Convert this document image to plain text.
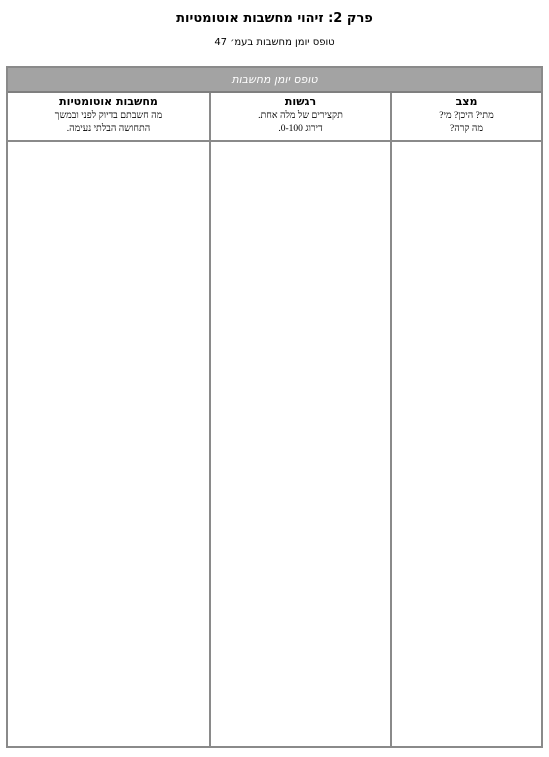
פרק 2: זיהוי מחשבות אוטומטיות
טופס יומן מחשבות בעמ׳ 47
טופס יומן מחשבות
מצב
מתי? היכן? מי?
מה קרה?
רגשות
תקצירים של מלה אחת.
דירוג 0-100.
מחשבות אוטומטיות
מה חשבתם בדיוק לפני ובמשך
התחושה הבלתי נעימה.
